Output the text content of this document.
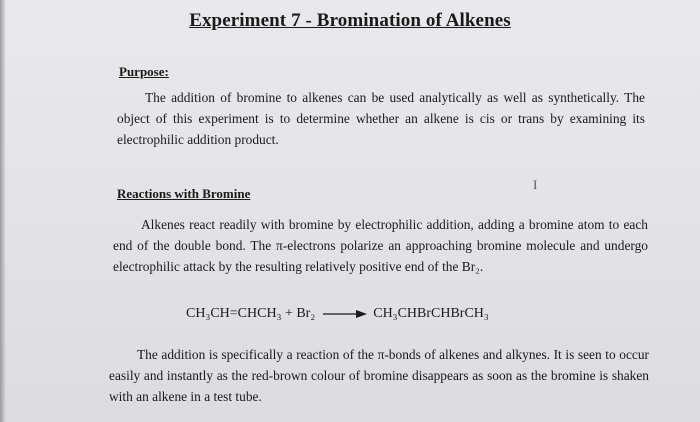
Experiment 7 - Bromination of Alkenes
Purpose:
The addition of bromine to alkenes can be used analytically as well as synthetically. The object of this experiment is to determine whether an alkene is cis or trans by examining its electrophilic addition product.
I
Reactions with Bromine
Alkenes react readily with bromine by electrophilic addition, adding a bromine atom to each end of the double bond. The π-electrons polarize an approaching bromine molecule and undergo electrophilic attack by the resulting relatively positive end of the Br₂.
CH₃CH=CHCH₃ + Br₂ → CH₃CHBrCHBrCH₃
The addition is specifically a reaction of the π-bonds of alkenes and alkynes. It is seen to occur easily and instantly as the red-brown colour of bromine disappears as soon as the bromine is shaken with an alkene in a test tube.
